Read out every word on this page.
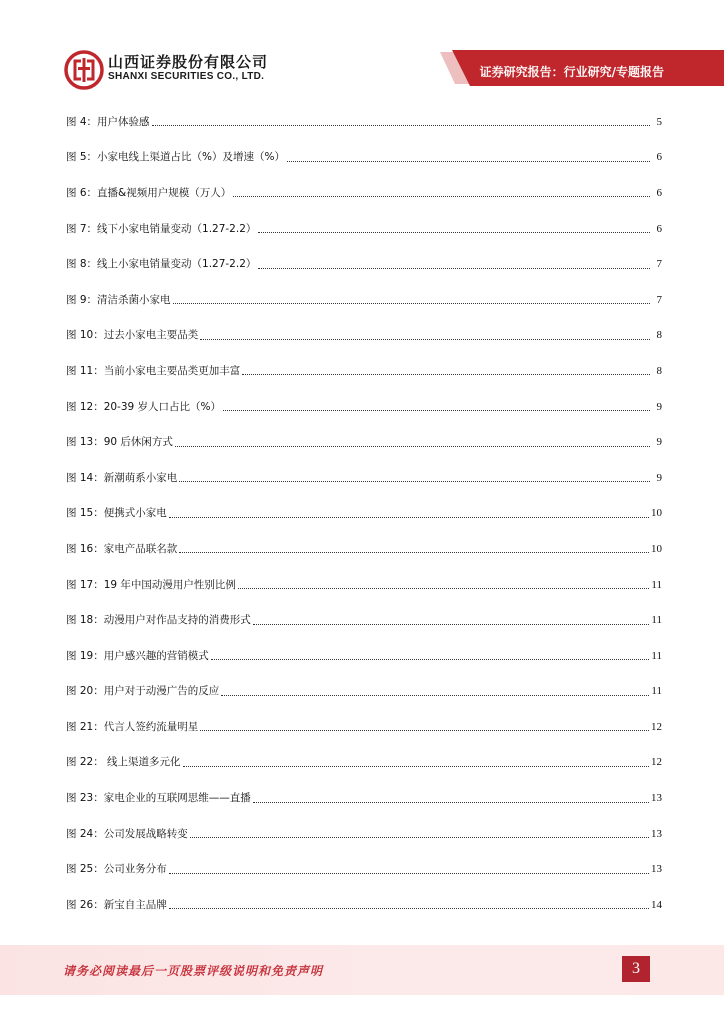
证券研究报告：行业研究/专题报告
山西证券股份有限公司
SHANXI SECURITIES CO., LTD.
图 4：用户体验感	5
图 5：小家电线上渠道占比（%）及增速（%）	6
图 6：直播&视频用户规模（万人）	6
图 7：线下小家电销量变动（1.27-2.2）	6
图 8：线上小家电销量变动（1.27-2.2）	7
图 9：清洁杀菌小家电	7
图 10：过去小家电主要品类	8
图 11：当前小家电主要品类更加丰富	8
图 12：20-39 岁人口占比（%）	9
图 13：90 后休闲方式	9
图 14：新潮萌系小家电	9
图 15：便携式小家电	10
图 16：家电产品联名款	10
图 17：19 年中国动漫用户性别比例	11
图 18：动漫用户对作品支持的消费形式	11
图 19：用户感兴趣的营销模式	11
图 20：用户对于动漫广告的反应	11
图 21：代言人签约流量明星	12
图 22： 线上渠道多元化	12
图 23：家电企业的互联网思维——直播	13
图 24：公司发展战略转变	13
图 25：公司业务分布	13
图 26：新宝自主品牌	14
请务必阅读最后一页股票评级说明和免责声明	3
